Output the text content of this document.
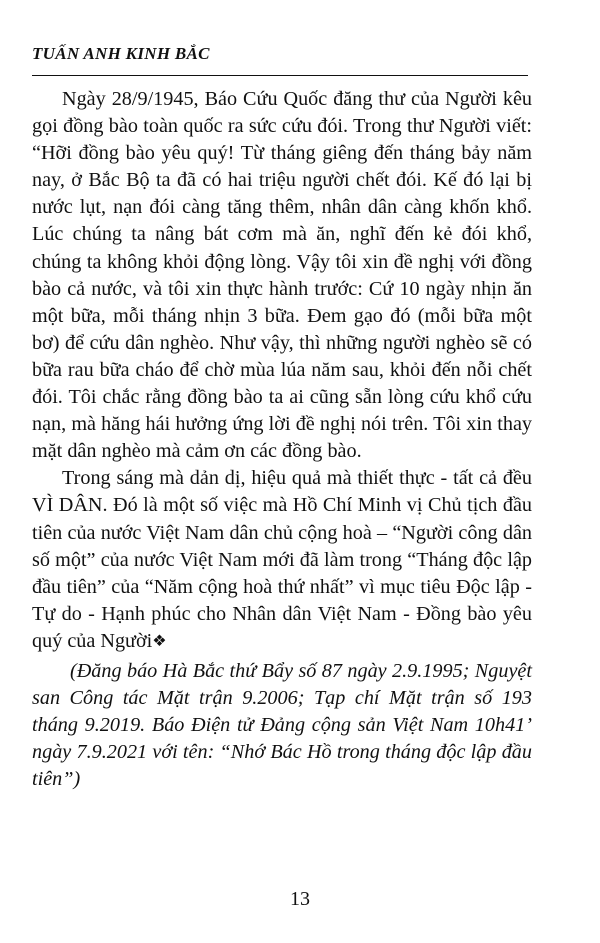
TUẤN ANH KINH BẮC

Ngày 28/9/1945, Báo Cứu Quốc đăng thư của Người kêu gọi đồng bào toàn quốc ra sức cứu đói. Trong thư Người viết: “Hỡi đồng bào yêu quý! Từ tháng giêng đến tháng bảy năm nay, ở Bắc Bộ ta đã có hai triệu người chết đói. Kế đó lại bị nước lụt, nạn đói càng tăng thêm, nhân dân càng khốn khổ. Lúc chúng ta nâng bát cơm mà ăn, nghĩ đến kẻ đói khổ, chúng ta không khỏi động lòng. Vậy tôi xin đề nghị với đồng bào cả nước, và tôi xin thực hành trước: Cứ 10 ngày nhịn ăn một bữa, mỗi tháng nhịn 3 bữa. Đem gạo đó (mỗi bữa một bơ) để cứu dân nghèo. Như vậy, thì những người nghèo sẽ có bữa rau bữa cháo để chờ mùa lúa năm sau, khỏi đến nỗi chết đói. Tôi chắc rằng đồng bào ta ai cũng sẵn lòng cứu khổ cứu nạn, mà hăng hái hưởng ứng lời đề nghị nói trên. Tôi xin thay mặt dân nghèo mà cảm ơn các đồng bào.

Trong sáng mà dản dị, hiệu quả mà thiết thực - tất cả đều VÌ DÂN. Đó là một số việc mà Hồ Chí Minh vị Chủ tịch đầu tiên của nước Việt Nam dân chủ cộng hoà – “Người công dân số một” của nước Việt Nam mới đã làm trong “Tháng độc lập đầu tiên” của “Năm cộng hoà thứ nhất” vì mục tiêu Độc lập - Tự do - Hạnh phúc cho Nhân dân Việt Nam - Đồng bào yêu quý của Người❖

(Đăng báo Hà Bắc thứ Bẩy số 87 ngày 2.9.1995; Nguyệt san Công tác Mặt trận 9.2006; Tạp chí Mặt trận số 193 tháng 9.2019. Báo Điện tử Đảng cộng sản Việt Nam 10h41’ ngày 7.9.2021 với tên: “Nhớ Bác Hồ trong tháng độc lập đầu tiên”)

13
